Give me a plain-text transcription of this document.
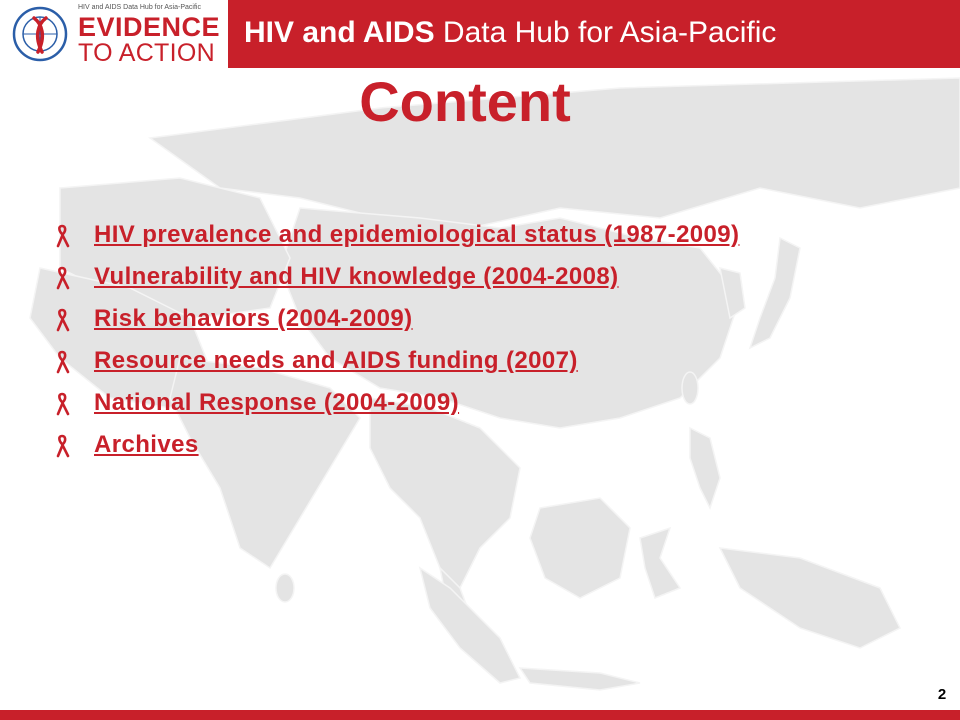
HIV and AIDS Data Hub for Asia-Pacific
EVIDENCE
TO ACTION
HIV and AIDS Data Hub for Asia-Pacific
Content
HIV prevalence and epidemiological status (1987-2009)
Vulnerability and HIV knowledge (2004-2008)
Risk behaviors (2004-2009)
Resource needs and AIDS funding (2007)
National Response (2004-2009)
Archives
2
